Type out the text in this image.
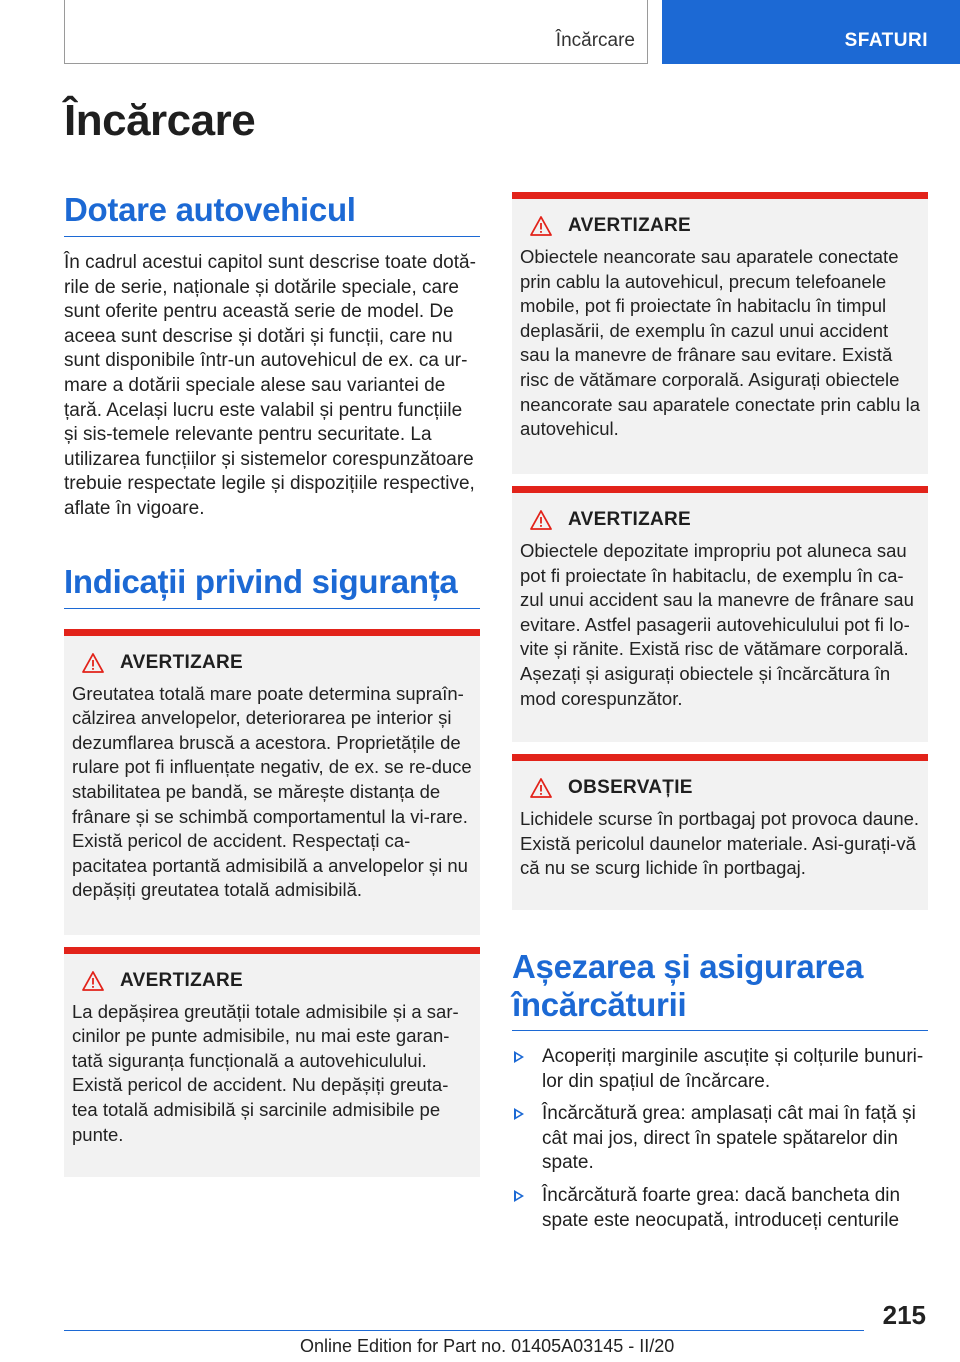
Încărcare	SFATURI
Încărcare
Dotare autovehicul

În cadrul acestui capitol sunt descrise toate dotă-rile de serie, naționale și dotările speciale, care sunt oferite pentru această serie de model. De aceea sunt descrise și dotări și funcții, care nu sunt disponibile într-un autovehicul de ex. ca ur-mare a dotării speciale alese sau variantei de țară. Același lucru este valabil și pentru funcțiile și sis-temele relevante pentru securitate. La utilizarea funcțiilor și sistemelor corespunzătoare trebuie respectate legile și dispozițiile respective, aflate în vigoare.

Indicații privind siguranța
AVERTIZARE

Greutatea totală mare poate determina supraîn-călzirea anvelopelor, deteriorarea pe interior și dezumflarea bruscă a acestora. Proprietățile de rulare pot fi influențate negativ, de ex. se re-duce stabilitatea pe bandă, se mărește distanța de frânare și se schimbă comportamentul la vi-rare. Există pericol de accident. Respectați ca-pacitatea portantă admisibilă a anvelopelor și nu depășiți greutatea totală admisibilă.

AVERTIZARE

La depășirea greutății totale admisibile și a sar-cinilor pe punte admisibile, nu mai este garan-tată siguranța funcțională a autovehiculului. Există pericol de accident. Nu depășiți greuta-tea totală admisibilă și sarcinile admisibile pe punte.

AVERTIZARE

Obiectele neancorate sau aparatele conectate prin cablu la autovehicul, precum telefoanele mobile, pot fi proiectate în habitaclu în timpul deplasării, de exemplu în cazul unui accident sau la manevre de frânare sau evitare. Există risc de vătămare corporală. Asigurați obiectele neancorate sau aparatele conectate prin cablu la autovehicul.

AVERTIZARE

Obiectele depozitate impropriu pot aluneca sau pot fi proiectate în habitaclu, de exemplu în ca-zul unui accident sau la manevre de frânare sau evitare. Astfel pasagerii autovehiculului pot fi lo-vite și rănite. Există risc de vătămare corporală. Așezați și asigurați obiectele și încărcătura în mod corespunzător.

OBSERVAȚIE

Lichidele scurse în portbagaj pot provoca daune. Există pericolul daunelor materiale. Asi-gurați-vă că nu se scurg lichide în portbagaj.

Așezarea și asigurarea încărcăturii
Acoperiți marginile ascuțite și colțurile bunuri-lor din spațiul de încărcare.
Încărcătură grea: amplasați cât mai în față și cât mai jos, direct în spatele spătarelor din spate.
Încărcătură foarte grea: dacă bancheta din spate este neocupată, introduceți centurile
215
Online Edition for Part no. 01405A03145 - II/20
